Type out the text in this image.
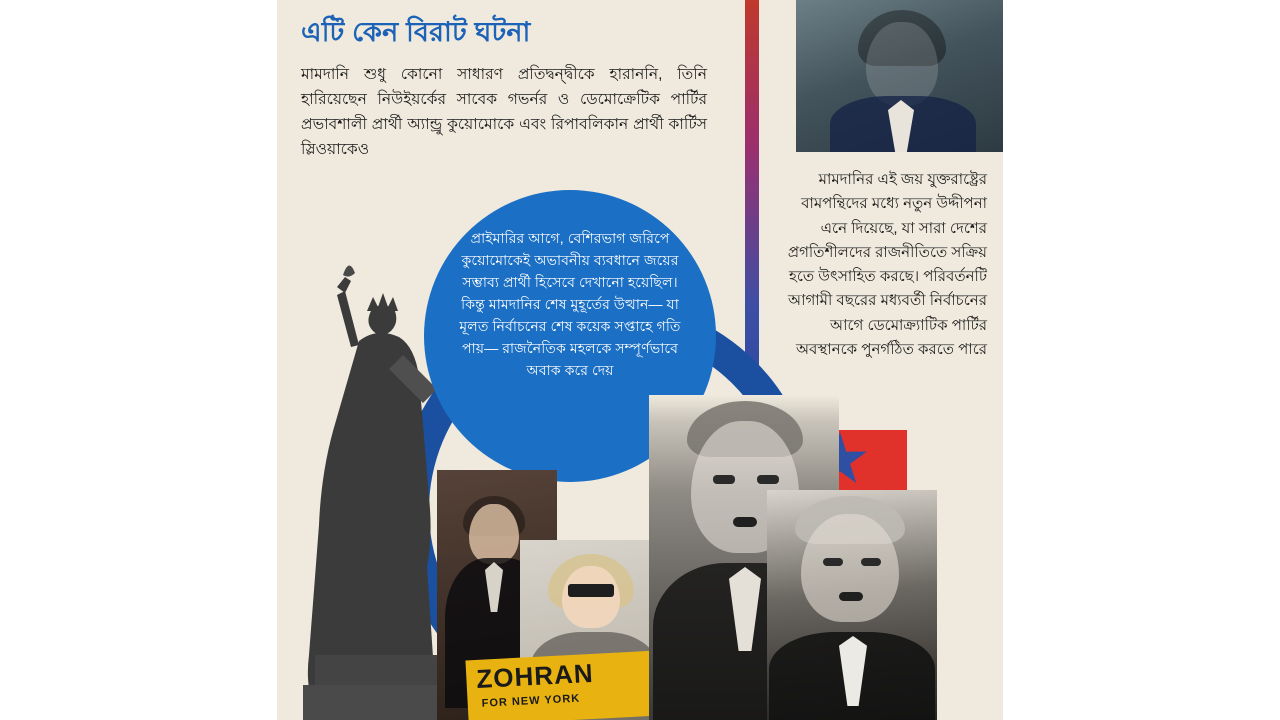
এটি কেন বিরাট ঘটনা
মামদানি শুধু কোনো সাধারণ প্রতিদ্বন্দ্বীকে হারাননি, তিনি হারিয়েছেন নিউইয়র্কের সাবেক গভর্নর ও ডেমোক্রেটিক পার্টির প্রভাবশালী প্রার্থী অ্যান্ড্রু কুয়োমোকে এবং রিপাবলিকান প্রার্থী কার্টিস স্লিওয়াকেও
প্রাইমারির আগে, বেশিরভাগ জরিপে কুয়োমোকেই অভাবনীয় ব্যবধানে জয়ের সম্ভাব্য প্রার্থী হিসেবে দেখানো হয়েছিল। কিন্তু মামদানির শেষ মুহূর্তের উত্থান— যা মূলত নির্বাচনের শেষ কয়েক সপ্তাহে গতি পায়— রাজনৈতিক মহলকে সম্পূর্ণভাবে অবাক করে দেয়
ZOHRAN
FOR NEW YORK
মামদানির এই জয় যুক্তরাষ্ট্রের বামপন্থিদের মধ্যে নতুন উদ্দীপনা এনে দিয়েছে, যা সারা দেশের প্রগতিশীলদের রাজনীতিতে সক্রিয় হতে উৎসাহিত করছে। পরিবর্তনটি আগামী বছরের মধ্যবর্তী নির্বাচনের আগে ডেমোক্র্যাটিক পার্টির অবস্থানকে পুনর্গঠিত করতে পারে
